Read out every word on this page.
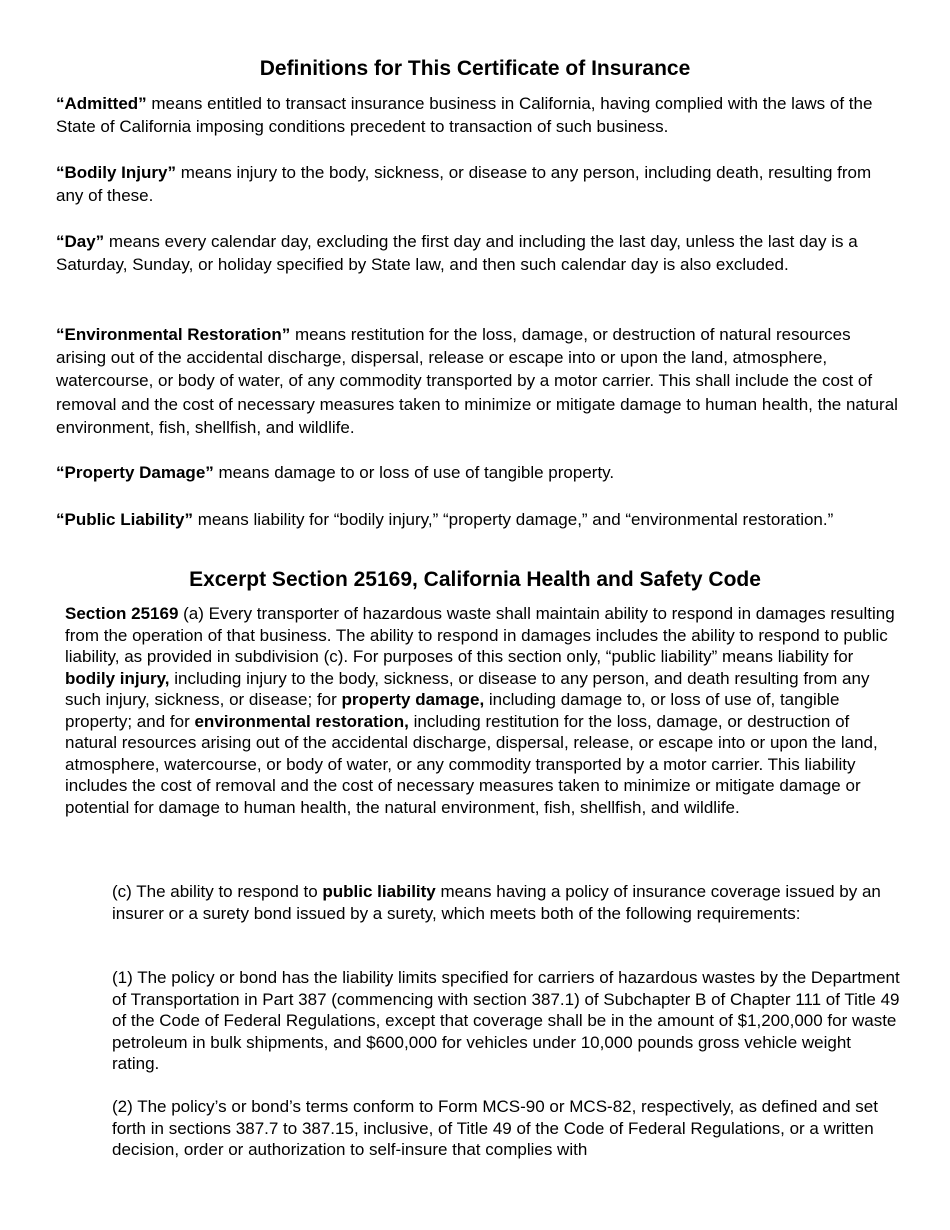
Definitions for This Certificate of Insurance

“Admitted” means entitled to transact insurance business in California, having complied with the laws of the State of California imposing conditions precedent to transaction of such business.

“Bodily Injury” means injury to the body, sickness, or disease to any person, including death, resulting from any of these.

“Day” means every calendar day, excluding the first day and including the last day, unless the last day is a Saturday, Sunday, or holiday specified by State law, and then such calendar day is also excluded.

“Environmental Restoration” means restitution for the loss, damage, or destruction of natural resources arising out of the accidental discharge, dispersal, release or escape into or upon the land, atmosphere, watercourse, or body of water, of any commodity transported by a motor carrier. This shall include the cost of removal and the cost of necessary measures taken to minimize or mitigate damage to human health, the natural environment, fish, shellfish, and wildlife.

“Property Damage” means damage to or loss of use of tangible property.

“Public Liability” means liability for “bodily injury,” “property damage,” and “environmental restoration.”

Excerpt Section 25169, California Health and Safety Code

Section 25169 (a) Every transporter of hazardous waste shall maintain ability to respond in damages resulting from the operation of that business. The ability to respond in damages includes the ability to respond to public liability, as provided in subdivision (c). For purposes of this section only, “public liability” means liability for bodily injury, including injury to the body, sickness, or disease to any person, and death resulting from any such injury, sickness, or disease; for property damage, including damage to, or loss of use of, tangible property; and for environmental restoration, including restitution for the loss, damage, or destruction of natural resources arising out of the accidental discharge, dispersal, release, or escape into or upon the land, atmosphere, watercourse, or body of water, or any commodity transported by a motor carrier. This liability includes the cost of removal and the cost of necessary measures taken to minimize or mitigate damage or potential for damage to human health, the natural environment, fish, shellfish, and wildlife.

(c) The ability to respond to public liability means having a policy of insurance coverage issued by an insurer or a surety bond issued by a surety, which meets both of the following requirements:

(1) The policy or bond has the liability limits specified for carriers of hazardous wastes by the Department of Transportation in Part 387 (commencing with section 387.1) of Subchapter B of Chapter 111 of Title 49 of the Code of Federal Regulations, except that coverage shall be in the amount of $1,200,000 for waste petroleum in bulk shipments, and $600,000 for vehicles under 10,000 pounds gross vehicle weight rating.

(2) The policy’s or bond’s terms conform to Form MCS-90 or MCS-82, respectively, as defined and set forth in sections 387.7 to 387.15, inclusive, of Title 49 of the Code of Federal Regulations, or a written decision, order or authorization to self-insure that complies with
